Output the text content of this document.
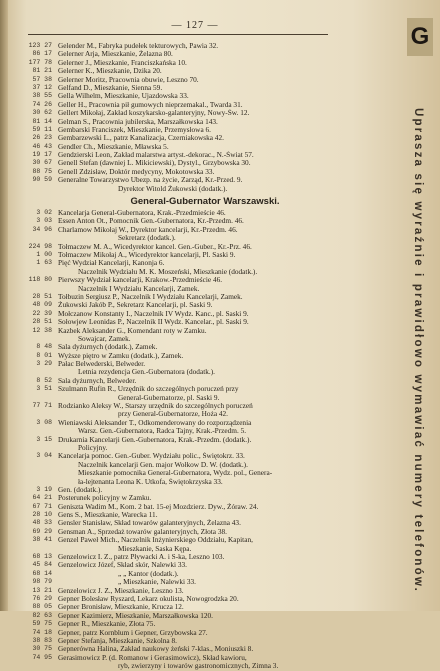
— 127 —	G
Uprasza się wyraźnie i prawidłowo wymawiać numery telefonów.
123 27 Gelender M., Fabryka pudełek tekturowych, Pawia 32.
86 17 Gelerner Arja, Mieszkanie, Żelazna 80.
177 78 Gelerner J., Mieszkanie, Franciszkańska 10.
81 21 Gelerner K., Mieszkanie, Dzika 20.
57 38 Gelerner Moritz, Pracownia obuwie, Leszno 70.
37 12 Gelfand D., Mieszkanie, Sienna 59.
38 55 Gella Wilhelm, Mieszkanie, Ujazdowska 33.
74 26 Geller H., Pracownia pił gumowych nieprzemakal., Twarda 31.
30 62 Gellert Mikołaj, Zakład koszykarsko-galanteryjny, Nowy-Św. 12.
81 14 Gelman S., Pracownia jubilerska, Marszałkowska 143.
59 11 Gembarski Franciszek, Mieszkanie, Przemysłowa 6.
26 23 Gembarzewski L., patrz Kanalizacja, Czerniakowska 42.
46 43 Gendler Ch., Mieszkanie, Mławska 5.
19 17 Gendzierski Leon, Zakład malarstwa artyst.-dekorac., N.-Świat 57.
30 67 Genell Stefan (dawniej L. Mikiciewski), Dystyl., Grzybowska 30.
88 75 Genell Zdzisław, Doktór medycyny, Mokotowska 33.
90 59 Generalne Towarzystwo Ubezp. na życie, Zarząd, Kr.-Przed. 9.
Dyrektor Witold Żukowski (dodatk.).
General-Gubernator Warszawski.
3 02 Kancelarja General-Gubernatora, Krak.-Przedmieście 46.
3 03 Essen Anton Ot., Pomocnik Gen.-Gubernatora, Kr.-Przedm. 46.
34 96 Charlamow Mikołaj W., Dyrektor kancelarji, Kr.-Przedm. 46.
Sekretarz (dodatk.).
224 98 Tołmaczew M. A., Wicedyrektor kancel. Gen.-Guber., Kr.-Prz. 46.
1 00 Tołmaczew Mikołaj A., Wicedyrektor kancelarji, Pl. Saski 9.
1 63 Pięć Wydział Kancelarji, Kanonja 6.
Naczelnik Wydziału M. K. Moszeński, Mieszkanie (dodatk.).
118 80 Pierwszy Wydział kancelarji, Krakow.-Przedmieście 46.
Naczelnik I Wydziału Kancelarji, Zamek.
28 51 Tołbuzin Sergiusz P., Naczelnik I Wydziału Kancelarji, Zamek.
48 09 Żukowski Jakób P., Sekretarz Kancelarji, pl. Saski 9.
22 39 Mołczanow Konstanty I., Naczelnik IV Wydz. Kanc., pl. Saski 9.
28 51 Sołowjew Leonidas P., Naczelnik II Wydz. Kancelar., pl. Saski 9.
12 38 Kazbek Aleksander G., Komendant roty w Zamku.
Sowajcar, Zamek.
8 48 Sala dyżurnych (dodatk.), Zamek.
8 01 Wyższe piętro w Zamku (dodatk.), Zamek.
3 29 Pałac Belwederski, Belweder.
Letnia rezydencja Gen.-Gubernatora (dodatk.).
8 52 Sala dyżurnych, Belweder.
3 51 Szulmann Rufin R., Urzędnik do szczególnych poruczeń przy
General-Gubernatorze, pl. Saski 9.
77 71 Rodzianko Aleksy W., Starszy urzędnik do szczególnych poruczeń
przy General-Gubernatorze, Hoża 42.
3 08 Wieniawski Aleksander T., Odkomenderowany do rozporządzenia
Warsz. Gen.-Gubernatora, Radca Tajny, Krak.-Przedm. 5.
3 15 Drukarnia Kancelarji Gen.-Gubernatora, Krak.-Przedm. (dodatk.).
Policyjny.
3 04 Kancelarja pomoc. Gen.-Guber. Wydziału polic., Świętokrz. 33.
Naczelnik kancelarji Gen. major Wołkow D. W. (dodatk.).
Mieszkanie pomocnika General-Gubernatora, Wydz. pol., Genera-
ła-lejtenanta Leona K. Utkofa, Świętokrzyska 33.
3 19 Gen. (dodatk.).
64 21 Posterunek policyjny w Zamku.
67 71 Geniszta Wadim M., Kom. 2 bat. 15-ej Mozdzierz. Dyw., Żóraw. 24.
28 10 Gens S., Mieszkanie, Wareckа 11.
48 33 Gensler Stanisław, Skład towarów galanteryjnych, Żelazna 43.
69 29 Gensman A., Sprzedaż towarów galanteryjnych, Złota 38.
38 41 Genzel Paweł Mich., Naczelnik Inżynierskiego Oddziału, Kapitan,
Mieszkanie, Saska Kępa.
68 13 Genzelowicz I. Z., patrz Pływacki A. i S-ka, Leszno 103.
45 84 Genzelowicz Józef, Skład skór, Nalewki 33.
68 14	„ „ Kantor (dodatk.).
98 79	„ Mieszkanie, Nalewki 33.
13 21 Genzelowicz J. Z., Mieszkanie, Leszno 13.
76 29 Gepner Bolesław Ryszard, Lekarz okulista, Nowogrodzka 20.
88 05 Gepner Bronisław, Mieszkanie, Krucza 12.
82 63 Gepner Kazimierz, Mieszkanie, Marszałkowska 120.
59 75 Gepner R., Mieszkanie, Złota 75.
74 18 Gepner, patrz Kornblum i Gepner, Grzybowska 27.
38 83 Gepner Stefanja, Mieszkanie, Szkolna 8.
30 75 Gepnerówna Halina, Zakład naukowy żeński 7-klas., Moniuszki 8.
74 95 Gerasimowicz P. (d. Romanow i Gerasimowicz), Skład kawioru,
ryb, zwierzyny i towarów gastronomicznych, Zimna 3.
